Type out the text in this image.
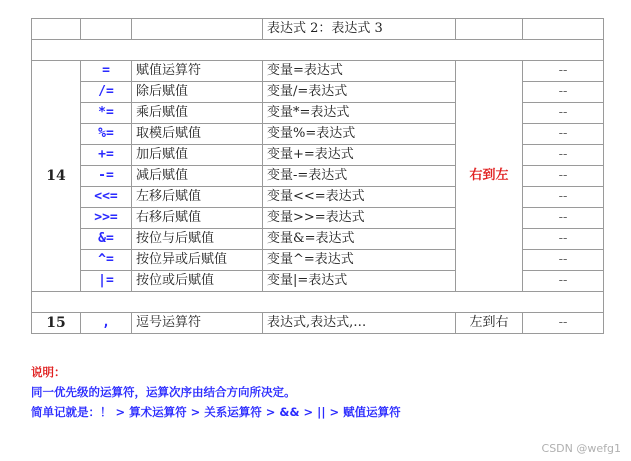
			表达式 2：表达式 3		

14	=	赋值运算符	变量=表达式	右到左	--
	/=	除后赋值	变量/=表达式		--
	*=	乘后赋值	变量*=表达式		--
	%=	取模后赋值	变量%=表达式		--
	+=	加后赋值	变量+=表达式		--
	-=	减后赋值	变量-=表达式		--
	<<=	左移后赋值	变量<<=表达式		--
	>>=	右移后赋值	变量>>=表达式		--
	&=	按位与后赋值	变量&=表达式		--
	^=	按位异或后赋值	变量^=表达式		--
	|=	按位或后赋值	变量|=表达式		--

15	,	逗号运算符	表达式,表达式,…	左到右	--
说明：
同一优先级的运算符，运算次序由结合方向所决定。
简单记就是：！ > 算术运算符 > 关系运算符 > && > || > 赋值运算符
CSDN @wefg1
